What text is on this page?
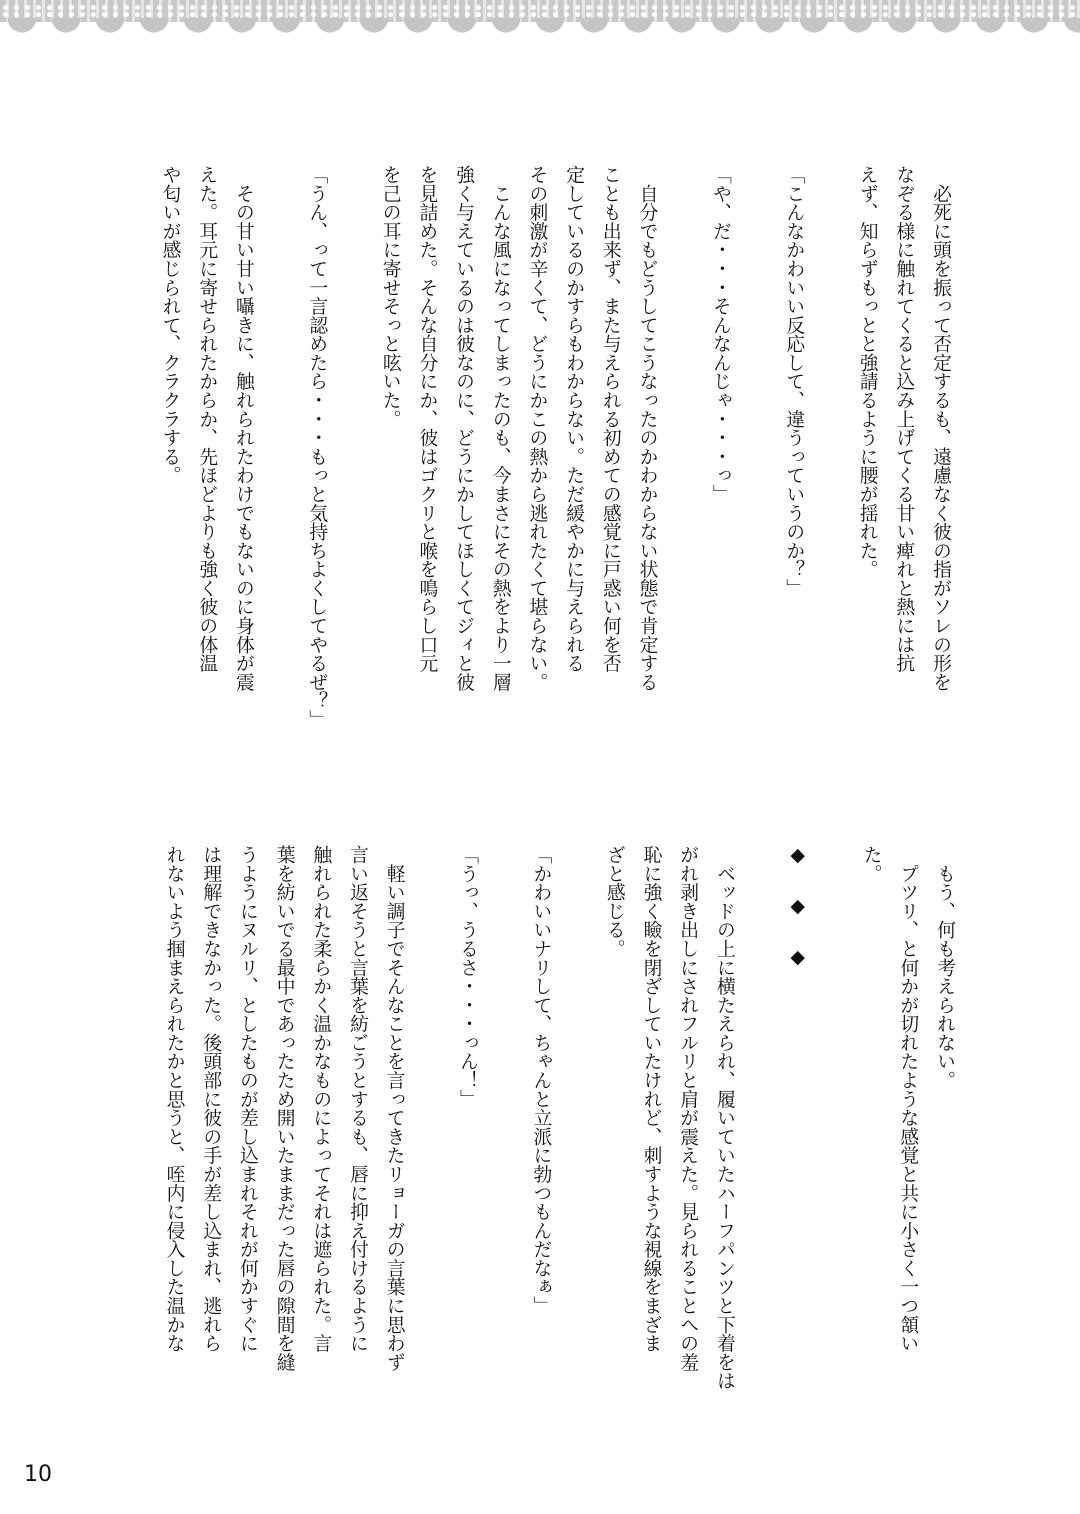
　必死に頭を振って否定するも、遠慮なく彼の指がソレの形を
なぞる様に触れてくると込み上げてくる甘い痺れと熱には抗
えず、知らずもっとと強請るように腰が揺れた。
「こんなかわいい反応して、違うっていうのか？」
「や、だ・・・そんなんじゃ・・・っ」
　自分でもどうしてこうなったのかわからない状態で肯定する
ことも出来ず、また与えられる初めての感覚に戸惑い何を否
定しているのかすらもわからない。ただ緩やかに与えられる
その刺激が辛くて、どうにかこの熱から逃れたくて堪らない。
　こんな風になってしまったのも、今まさにその熱をより一層
強く与えているのは彼なのに、どうにかしてほしくてジィと彼
を見詰めた。そんな自分にか、彼はゴクリと喉を鳴らし口元
を己の耳に寄せそっと呟いた。
「うん、って一言認めたら・・・もっと気持ちよくしてやるぜ？」
　その甘い甘い囁きに、触れられたわけでもないのに身体が震
えた。耳元に寄せられたからか、先ほどよりも強く彼の体温
や匂いが感じられて、クラクラする。
　もう、何も考えられない。
　プツリ、と何かが切れたような感覚と共に小さく一つ頷い
た。
◆　◆　◆
　ベッドの上に横たえられ、履いていたハーフパンツと下着をは
がれ剥き出しにされフルリと肩が震えた。見られることへの羞
恥に強く瞼を閉ざしていたけれど、刺すような視線をまざま
ざと感じる。
「かわいいナリして、ちゃんと立派に勃つもんだなぁ」
「うっ、うるさ・・・っん！」
　軽い調子でそんなことを言ってきたリョーガの言葉に思わず
言い返そうと言葉を紡ごうとするも、唇に抑え付けるように
触れられた柔らかく温かなものによってそれは遮られた。言
葉を紡いでる最中であったため開いたままだった唇の隙間を縫
うようにヌルリ、としたものが差し込まれそれが何かすぐに
は理解できなかった。後頭部に彼の手が差し込まれ、逃れら
れないよう掴まえられたかと思うと、咥内に侵入した温かな
10
